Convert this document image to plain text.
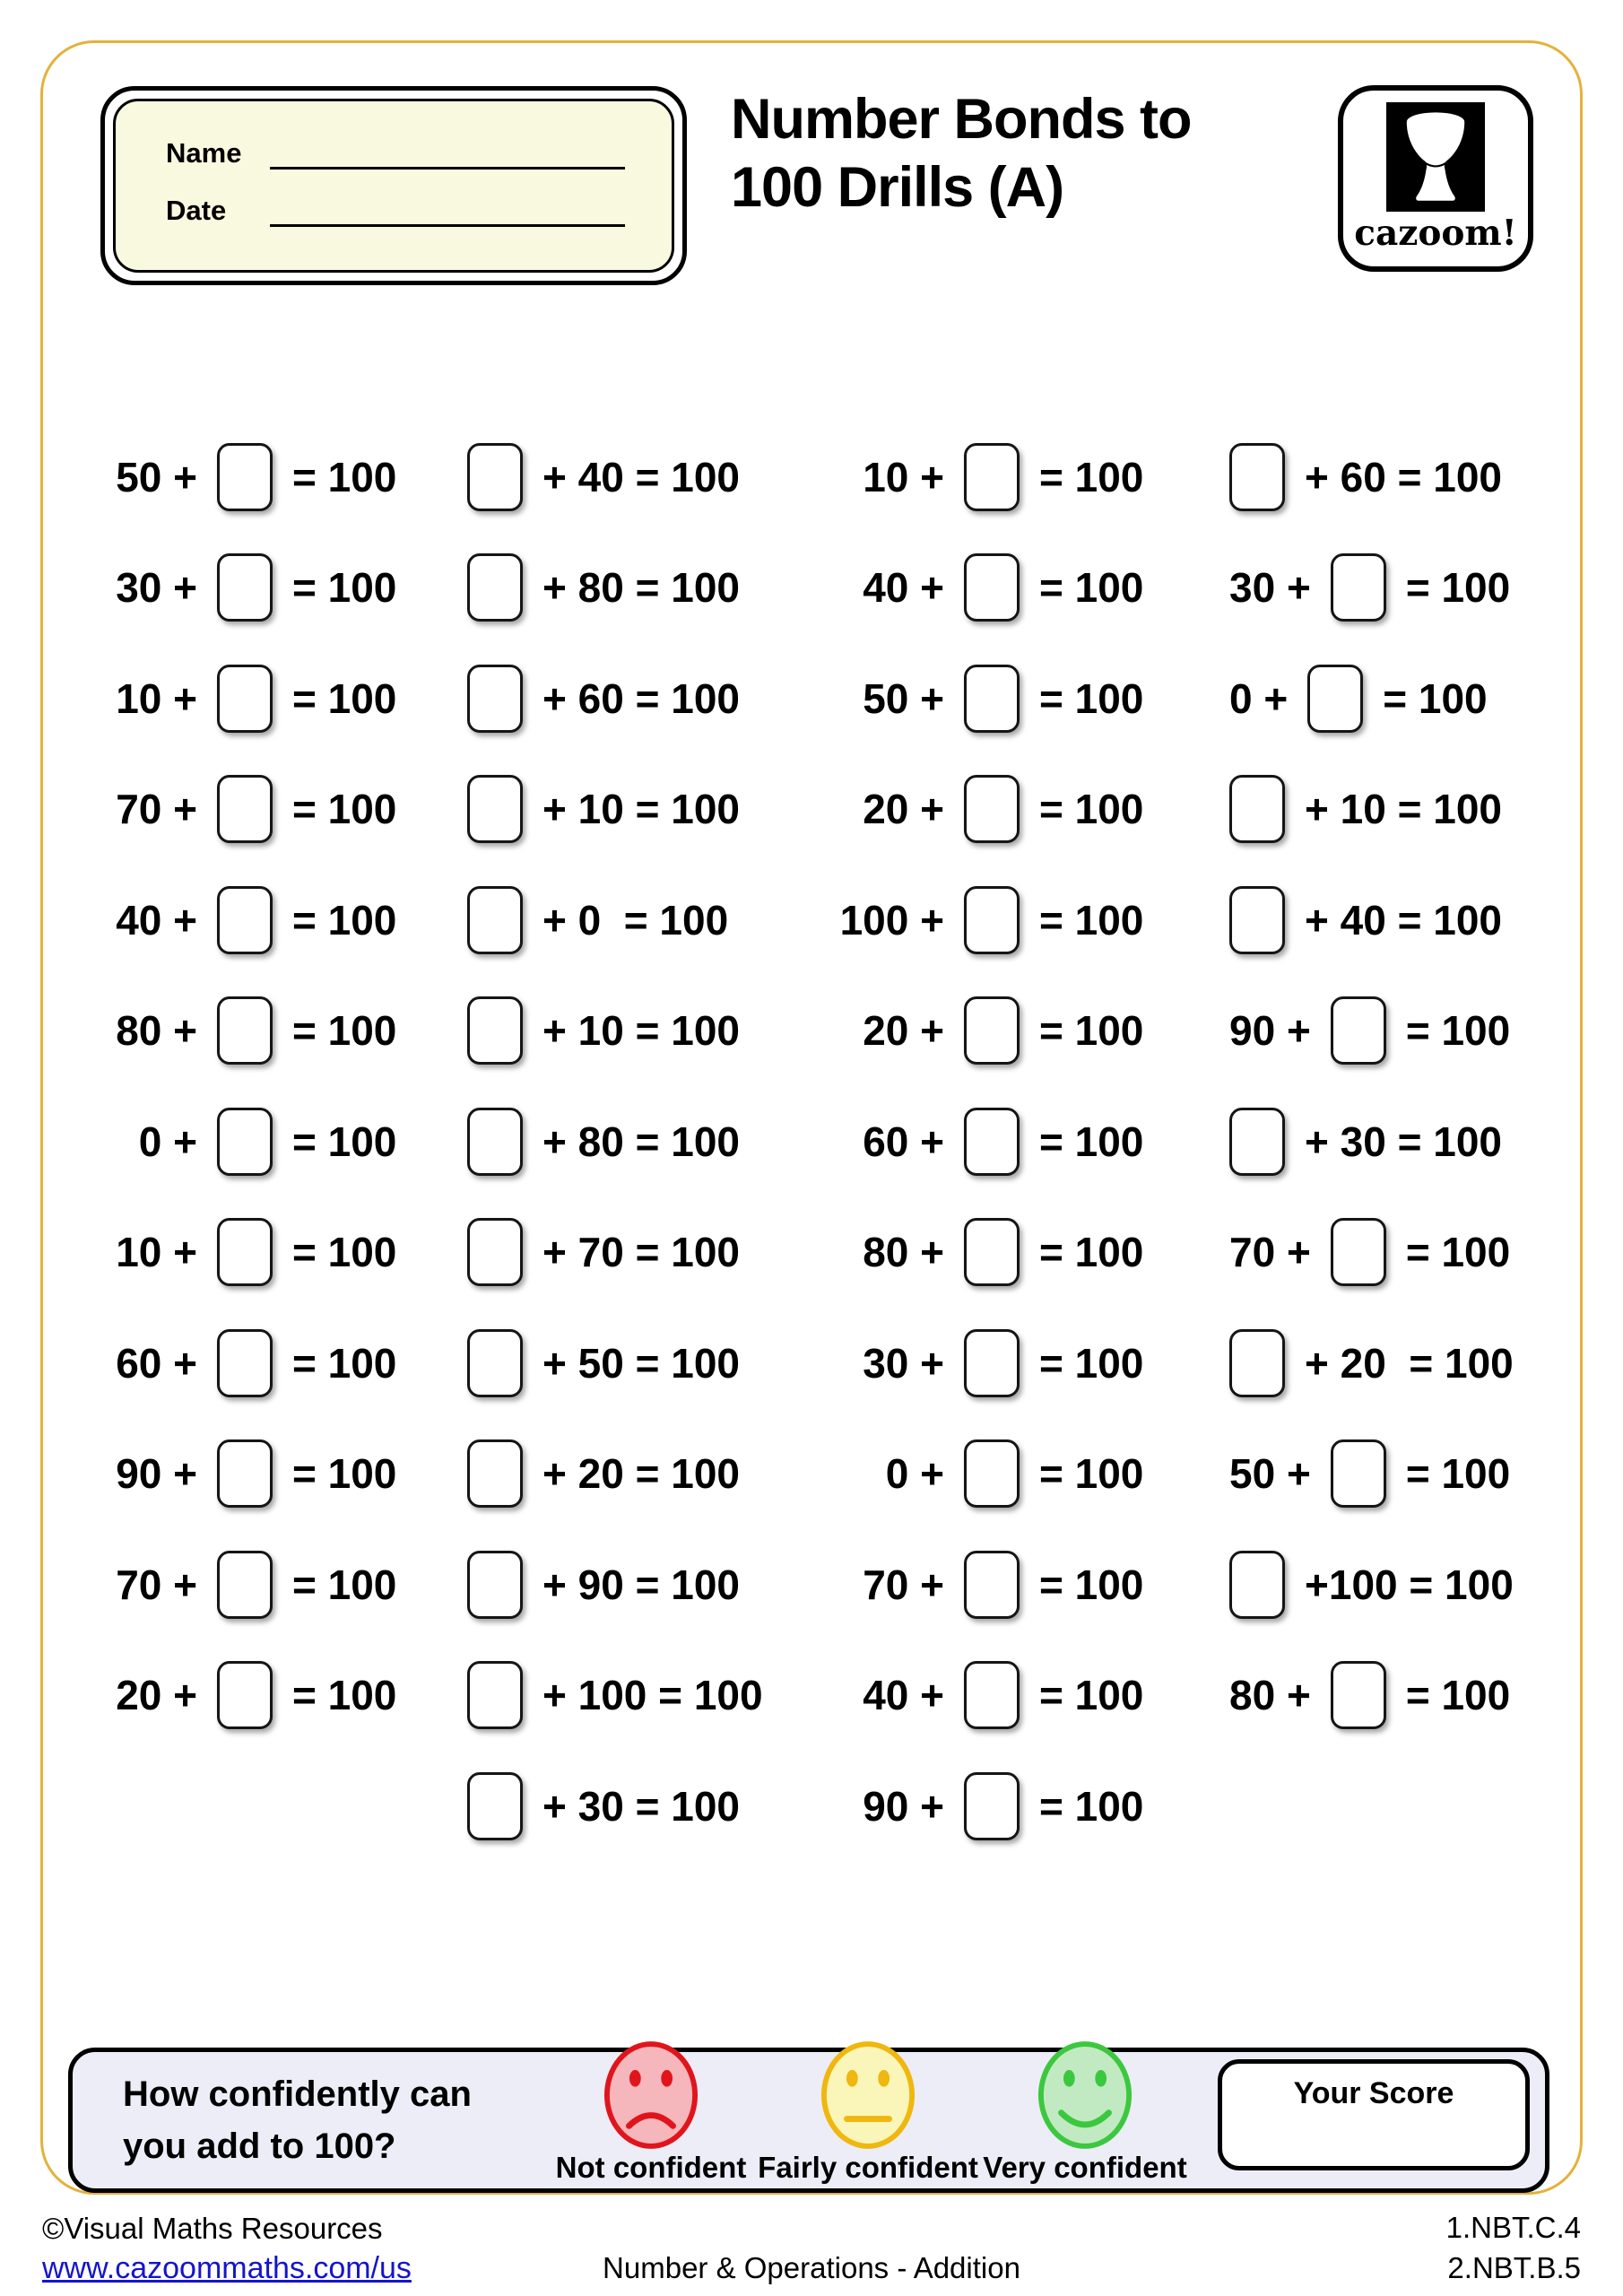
Name
Date
Number Bonds to
100 Drills (A)
cazoom!
50 + = 100	+ 40 = 100	10 + = 100	+ 60 = 100
30 + = 100	+ 80 = 100	40 + = 100 30 + = 100
10 + = 100	+ 60 = 100	50 + = 100 0 + = 100
70 + = 100	+ 10 = 100	20 + = 100	+ 10 = 100
40 + = 100	+ 0  = 100	100 + = 100	+ 40 = 100
80 + = 100	+ 10 = 100	20 + = 100 90 + = 100
0 + = 100	+ 80 = 100	60 + = 100	+ 30 = 100
10 + = 100	+ 70 = 100	80 + = 100 70 + = 100
60 + = 100	+ 50 = 100	30 + = 100	+ 20  = 100
90 + = 100	+ 20 = 100	0 + = 100 50 + = 100
70 + = 100	+ 90 = 100	70 + = 100	+100 = 100
20 + = 100	+ 100 = 100	40 + = 100 80 + = 100
+ 30 = 100	90 + = 100
How confidently can
you add to 100?
Not confident Fairly confident Very confident
Your Score
©Visual Maths Resources
www.cazoommaths.com/us	Number & Operations - Addition
1.NBT.C.4
2.NBT.B.5
